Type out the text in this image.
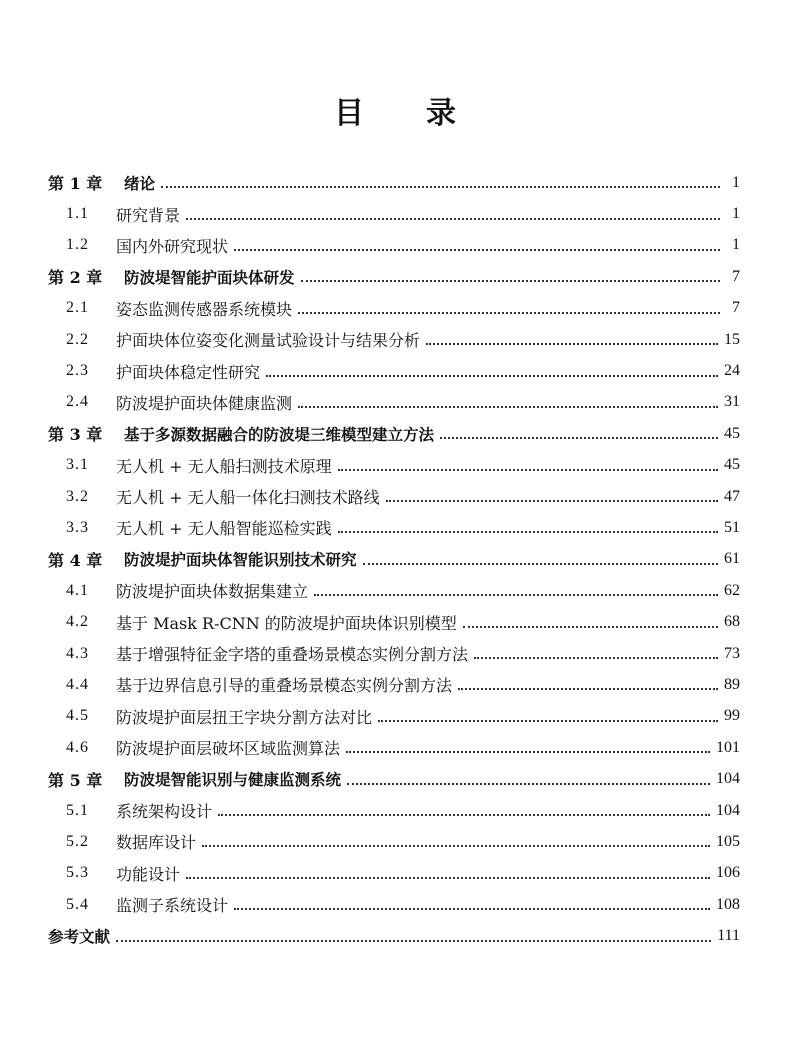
目 录
第 1 章	绪论	1
1.1	研究背景	1
1.2	国内外研究现状	1
第 2 章	防波堤智能护面块体研发	7
2.1	姿态监测传感器系统模块	7
2.2	护面块体位姿变化测量试验设计与结果分析	15
2.3	护面块体稳定性研究	24
2.4	防波堤护面块体健康监测	31
第 3 章	基于多源数据融合的防波堤三维模型建立方法	45
3.1	无人机 + 无人船扫测技术原理	45
3.2	无人机 + 无人船一体化扫测技术路线	47
3.3	无人机 + 无人船智能巡检实践	51
第 4 章	防波堤护面块体智能识别技术研究	61
4.1	防波堤护面块体数据集建立	62
4.2	基于 Mask R-CNN 的防波堤护面块体识别模型	68
4.3	基于增强特征金字塔的重叠场景模态实例分割方法	73
4.4	基于边界信息引导的重叠场景模态实例分割方法	89
4.5	防波堤护面层扭王字块分割方法对比	99
4.6	防波堤护面层破坏区域监测算法	101
第 5 章	防波堤智能识别与健康监测系统	104
5.1	系统架构设计	104
5.2	数据库设计	105
5.3	功能设计	106
5.4	监测子系统设计	108
参考文献	111
